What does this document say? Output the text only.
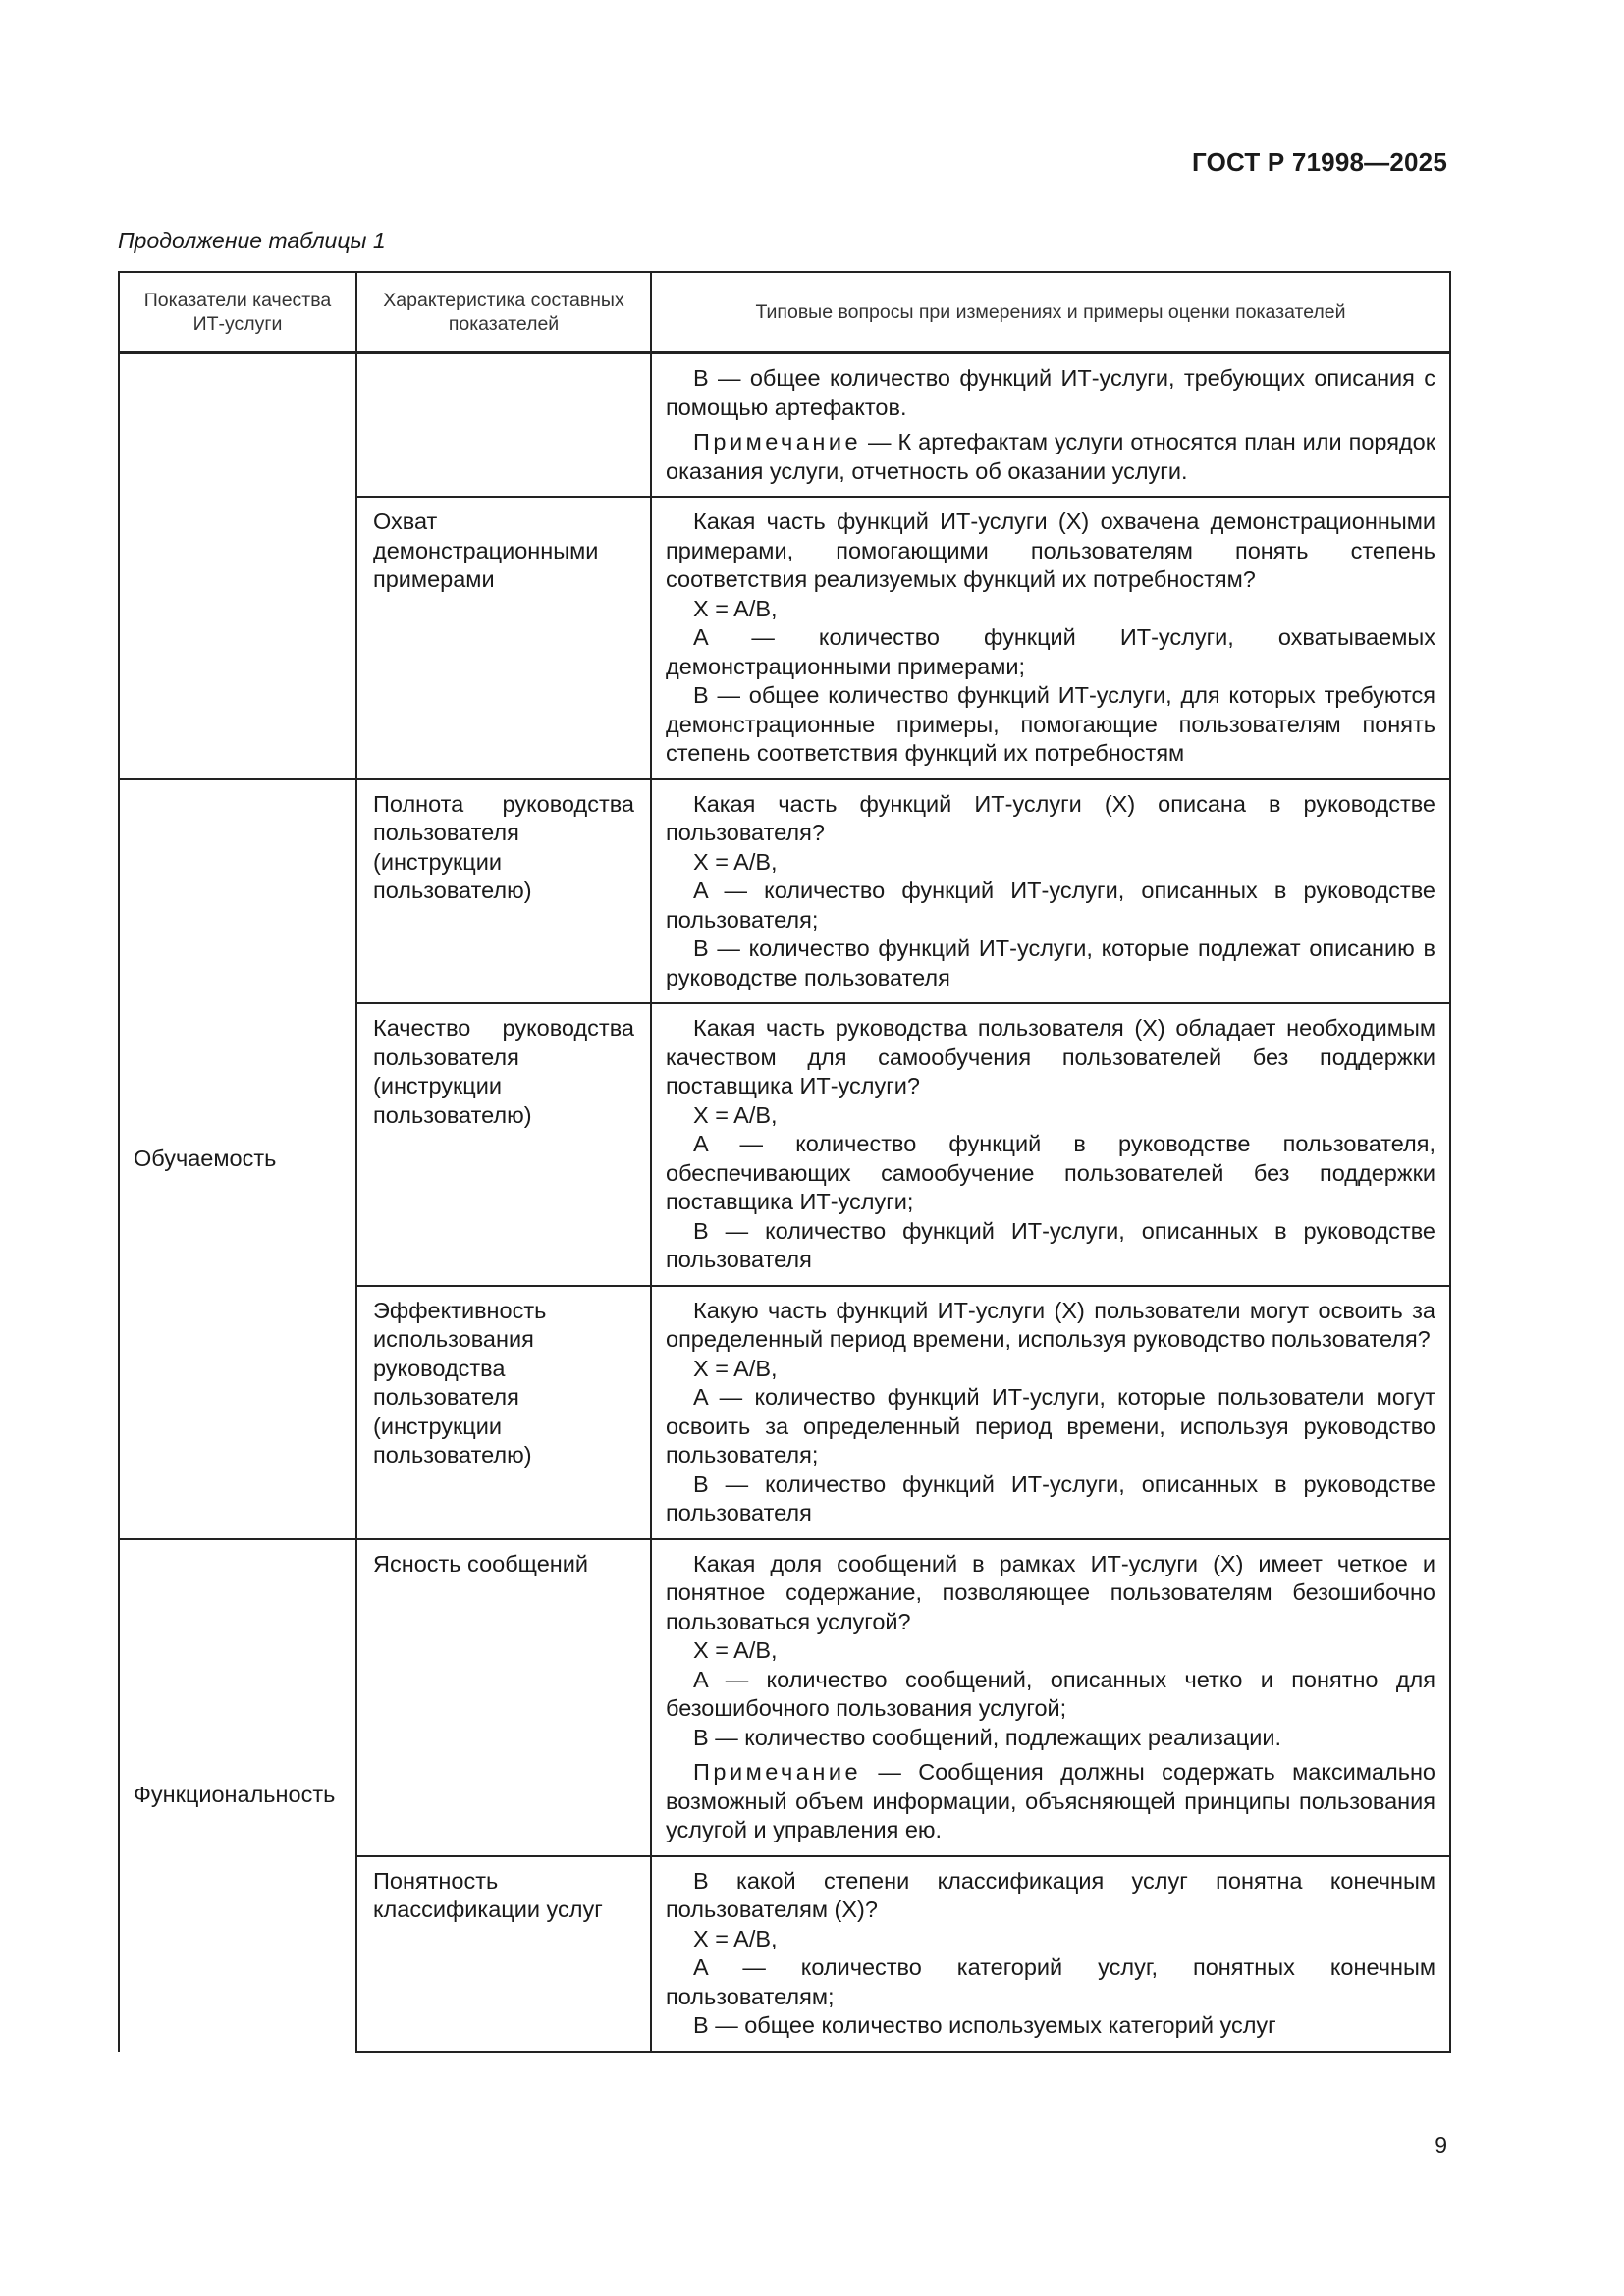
ГОСТ Р 71998—2025
Продолжение таблицы 1
Показатели качества ИТ-услуги	Характеристика составных показателей	Типовые вопросы при измерениях и примеры оценки показателей

		В — общее количество функций ИТ-услуги, требующих описания с помощью артефактов.

Примечание — К артефактам услуги относятся план или порядок оказания услуги, отчетность об оказании услуги.

	Охват демонстрационными примерами	Какая часть функций ИТ-услуги (X) охвачена демонстрационными примерами, помогающими пользователям понять степень соответствия реализуемых функций их потребностям?

X = A/B,

A — количество функций ИТ-услуги, охватываемых демонстрационными примерами;

B — общее количество функций ИТ-услуги, для которых требуются демонстрационные примеры, помогающие пользователям понять степень соответствия функций их потребностям

Обучаемость	Полнота руководства пользователя (инструкции пользователю)	Какая часть функций ИТ-услуги (X) описана в руководстве пользователя?

X = A/B,

A — количество функций ИТ-услуги, описанных в руководстве пользователя;

B — количество функций ИТ-услуги, которые подлежат описанию в руководстве пользователя

	Качество руководства пользователя (инструкции пользователю)	Какая часть руководства пользователя (X) обладает необходимым качеством для самообучения пользователей без поддержки поставщика ИТ-услуги?

X = A/B,

A — количество функций в руководстве пользователя, обеспечивающих самообучение пользователей без поддержки поставщика ИТ-услуги;

B — количество функций ИТ-услуги, описанных в руководстве пользователя

	Эффективность использования руководства пользователя (инструкции пользователю)	Какую часть функций ИТ-услуги (X) пользователи могут освоить за определенный период времени, используя руководство пользователя?

X = A/B,

A — количество функций ИТ-услуги, которые пользователи могут освоить за определенный период времени, используя руководство пользователя;

B — количество функций ИТ-услуги, описанных в руководстве пользователя

Функциональность	Ясность сообщений	Какая доля сообщений в рамках ИТ-услуги (X) имеет четкое и понятное содержание, позволяющее пользователям безошибочно пользоваться услугой?

X = A/B,

A — количество сообщений, описанных четко и понятно для безошибочного пользования услугой;

B — количество сообщений, подлежащих реализации.

Примечание — Сообщения должны содержать максимально возможный объем информации, объясняющей принципы пользования услугой и управления ею.

	Понятность классификации услуг	В какой степени классификация услуг понятна конечным пользователям (X)?

X = A/B,

A — количество категорий услуг, понятных конечным пользователям;

B — общее количество используемых категорий услуг

9
